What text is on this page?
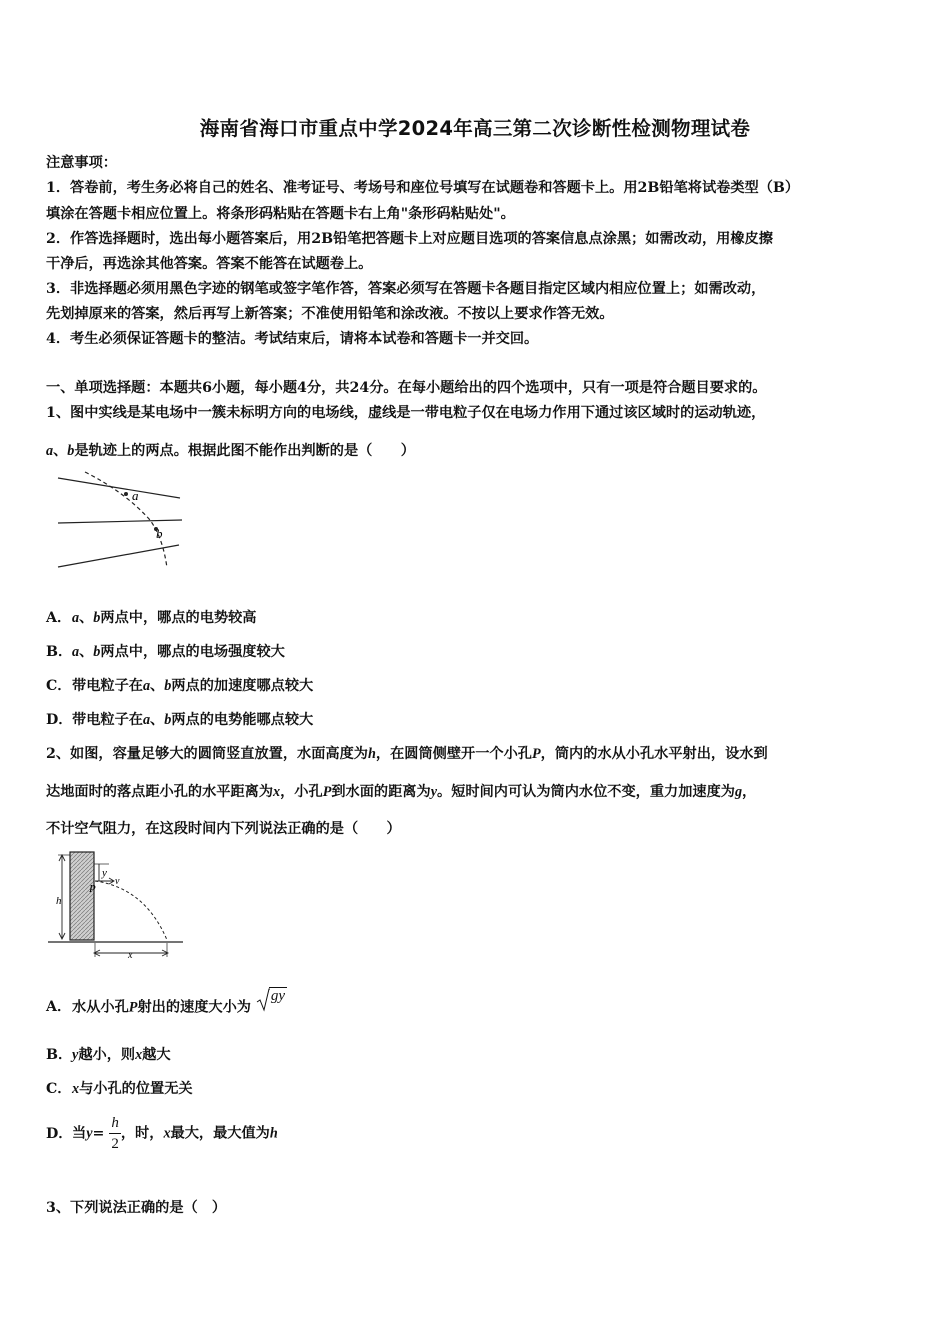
海南省海口市重点中学2024年高三第二次诊断性检测物理试卷
注意事项：
1．答卷前，考生务必将自己的姓名、准考证号、考场号和座位号填写在试题卷和答题卡上。用2B铅笔将试卷类型（B）
填涂在答题卡相应位置上。将条形码粘贴在答题卡右上角"条形码粘贴处"。
2．作答选择题时，选出每小题答案后，用2B铅笔把答题卡上对应题目选项的答案信息点涂黑；如需改动，用橡皮擦
干净后，再选涂其他答案。答案不能答在试题卷上。
3．非选择题必须用黑色字迹的钢笔或签字笔作答，答案必须写在答题卡各题目指定区域内相应位置上；如需改动，
先划掉原来的答案，然后再写上新答案；不准使用铅笔和涂改液。不按以上要求作答无效。
4．考生必须保证答题卡的整洁。考试结束后，请将本试卷和答题卡一并交回。
一、单项选择题：本题共6小题，每小题4分，共24分。在每小题给出的四个选项中，只有一项是符合题目要求的。
1、图中实线是某电场中一簇未标明方向的电场线，虚线是一带电粒子仅在电场力作用下通过该区域时的运动轨迹，
a、b是轨迹上的两点。根据此图不能作出判断的是（　　）
a
b
A．a、b两点中，哪点的电势较高
B．a、b两点中，哪点的电场强度较大
C．带电粒子在a、b两点的加速度哪点较大
D．带电粒子在a、b两点的电势能哪点较大
2、如图，容量足够大的圆筒竖直放置，水面高度为h，在圆筒侧壁开一个小孔P，筒内的水从小孔水平射出，设水到
达地面时的落点距小孔的水平距离为x，小孔P到水面的距离为y。短时间内可认为筒内水位不变，重力加速度为g，
不计空气阻力，在这段时间内下列说法正确的是（　　）
h
y
P
v
x
A．水从小孔P射出的速度大小为 gy
B．y越小，则x越大
C．x与小孔的位置无关
D．当$y= \frac{h}{2}$ ，时，x最大，最大值为h
3、下列说法正确的是（　）
